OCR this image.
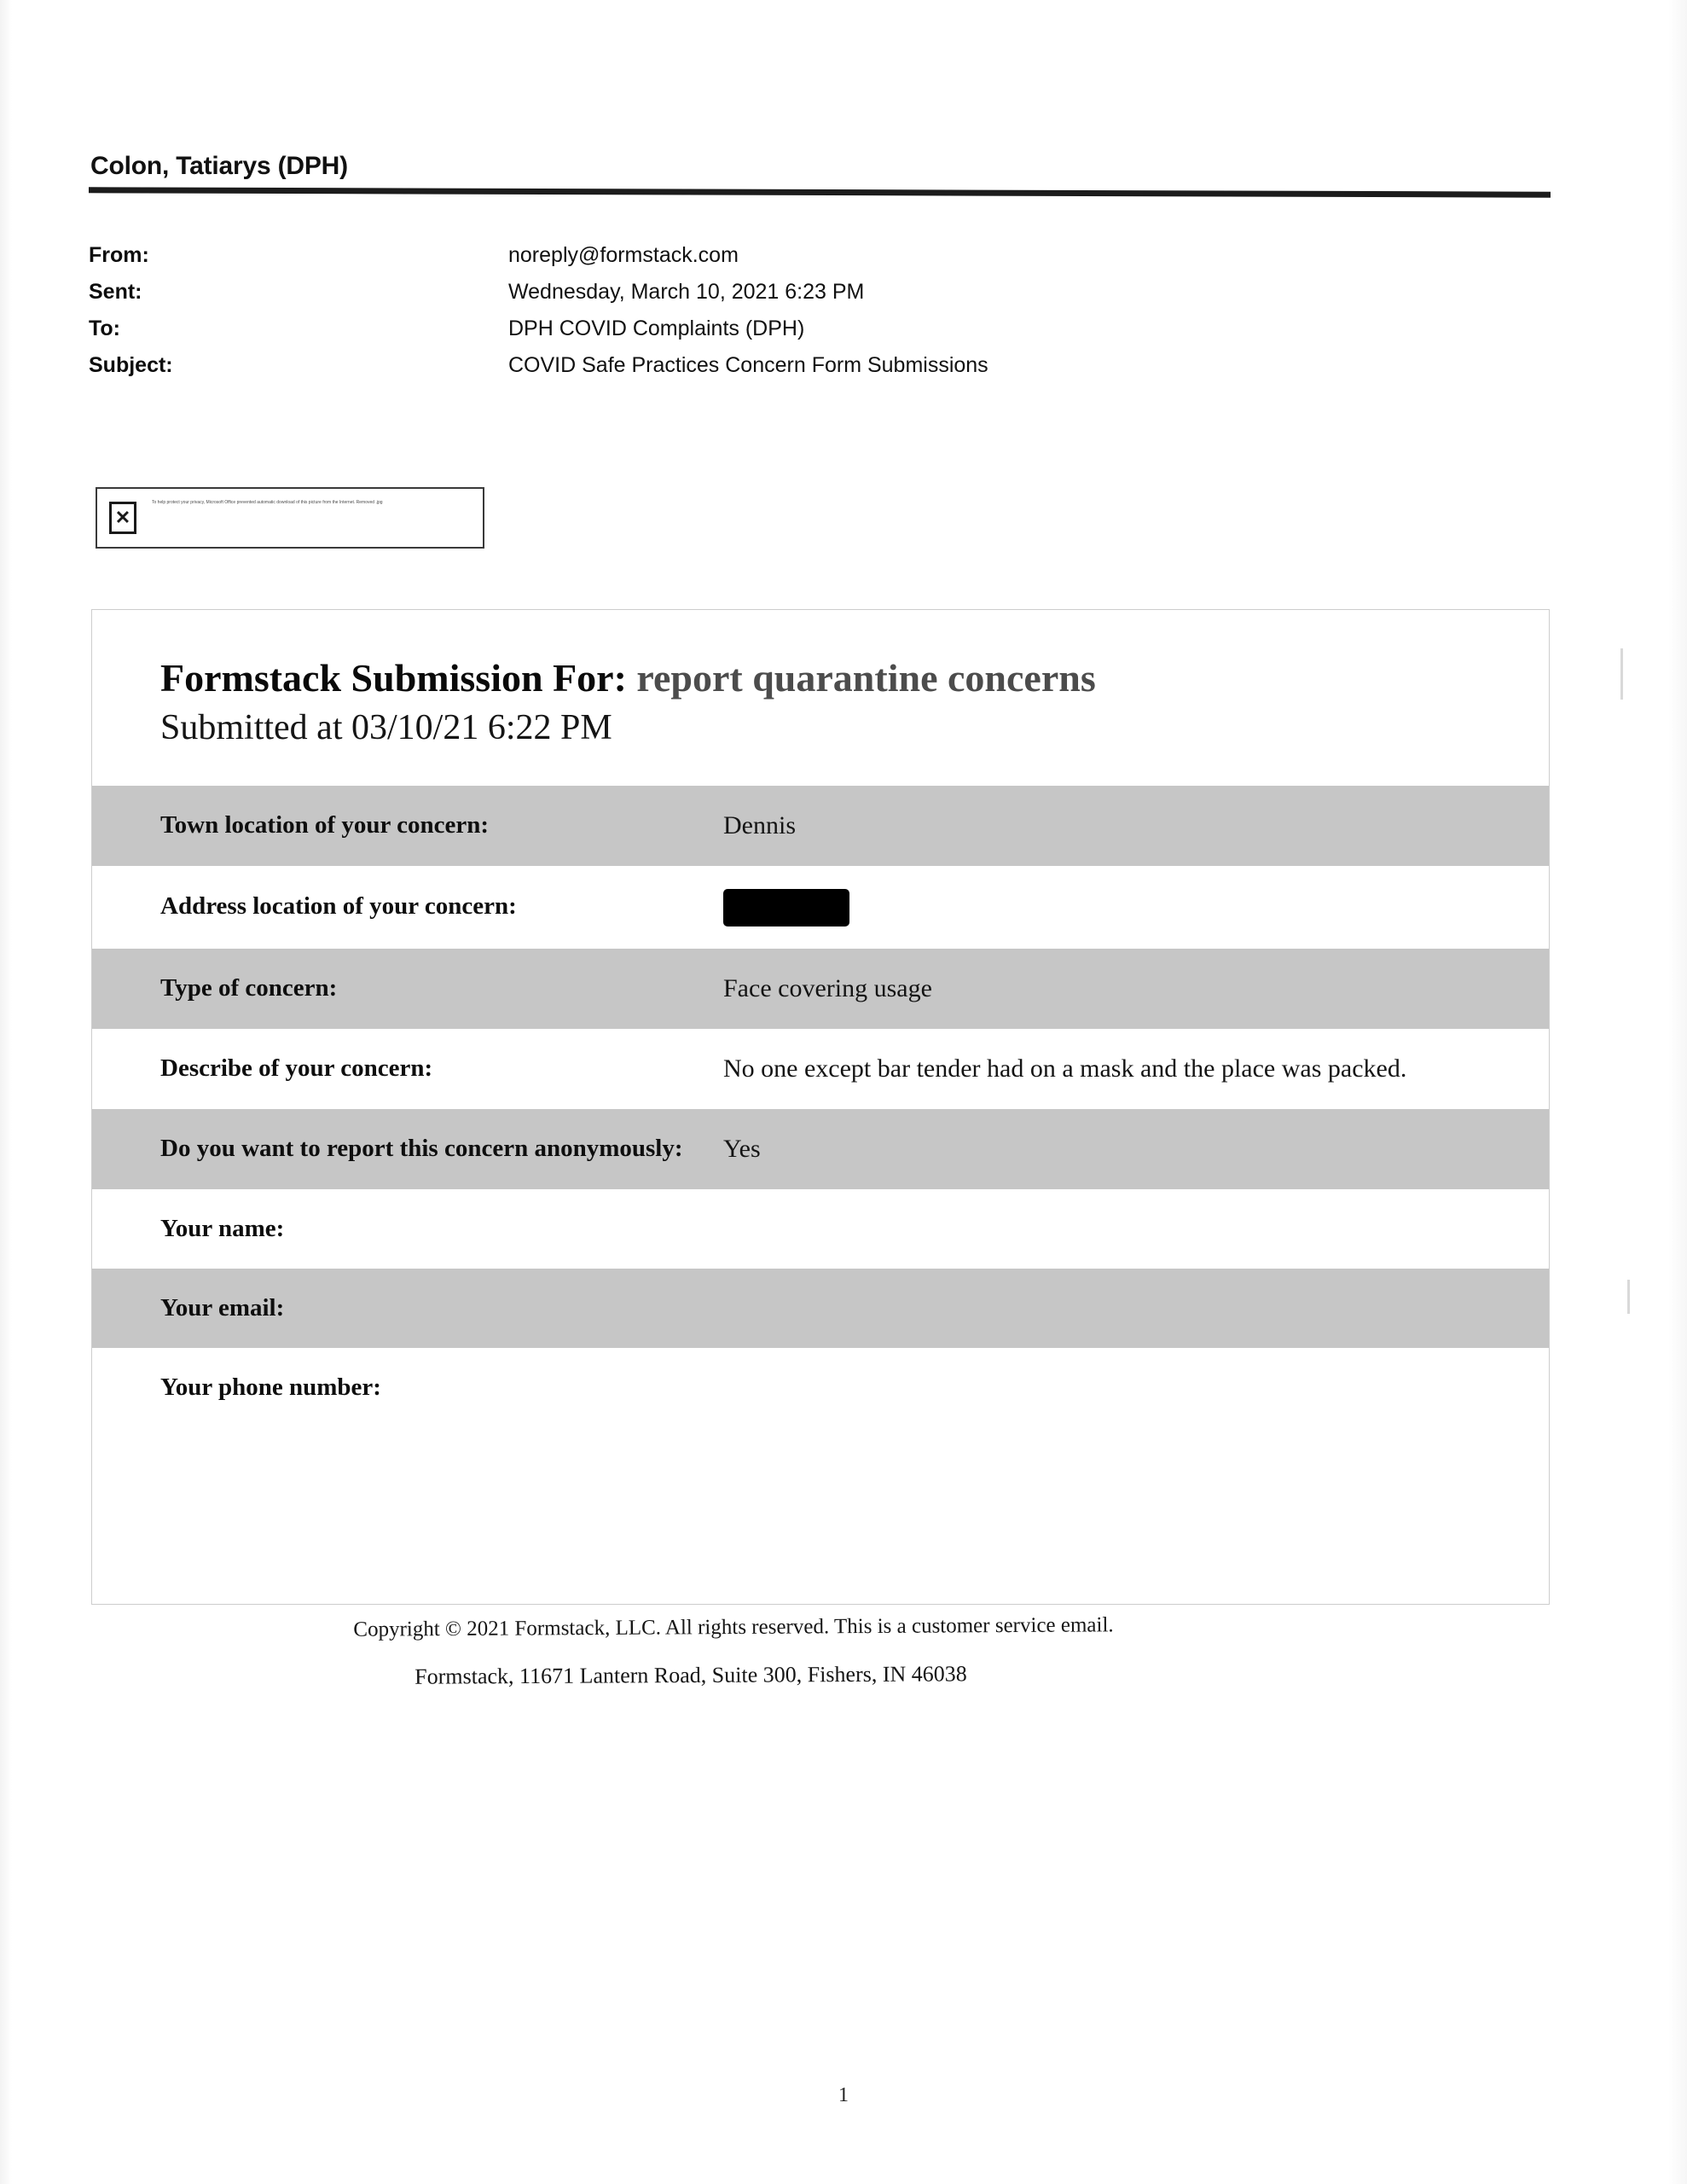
Colon, Tatiarys (DPH)
From:	noreply@formstack.com
Sent:	Wednesday, March 10, 2021 6:23 PM
To:	DPH COVID Complaints (DPH)
Subject:	COVID Safe Practices Concern Form Submissions
✕
To help protect your privacy, Microsoft Office prevented automatic download of this picture from the Internet. Removed .jpg
Formstack Submission For: report quarantine concerns
Submitted at 03/10/21 6:22 PM
Town location of your concern:	Dennis
Address location of your concern:	
Type of concern:	Face covering usage
Describe of your concern:	No one except bar tender had on a mask and the place was packed.
Do you want to report this concern anonymously:	Yes
Your name:	
Your email:	
Your phone number:	
Copyright © 2021 Formstack, LLC. All rights reserved. This is a customer service email.
Formstack, 11671 Lantern Road, Suite 300, Fishers, IN 46038
1
